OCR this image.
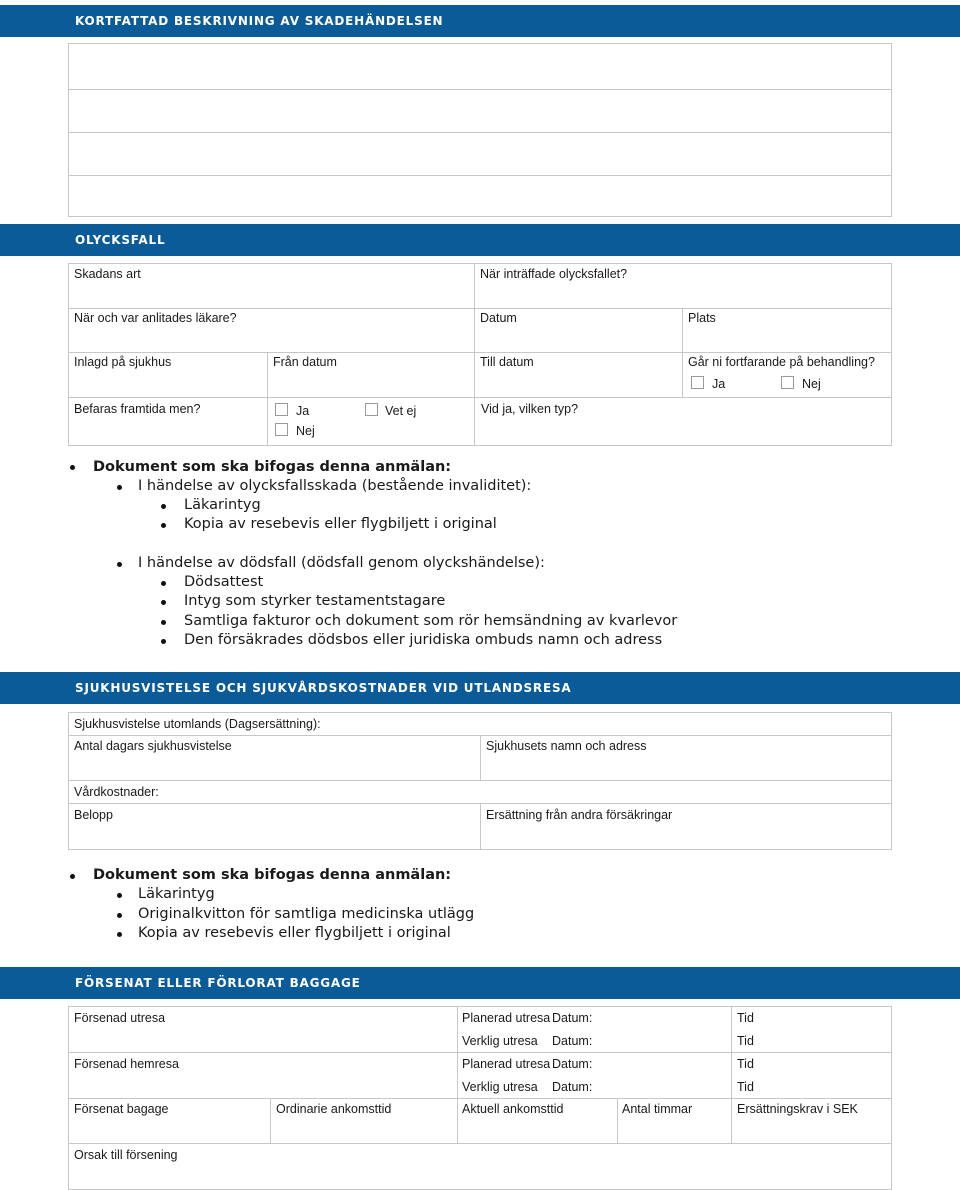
KORTFATTAD BESKRIVNING AV SKADEHÄNDELSEN
OLYCKSFALL
Skadans art	När inträffade olycksfallet?
När och var anlitades läkare?	Datum	Plats
Inlagd på sjukhus	Från datum	Till datum	Går ni fortfarande på behandling?
Ja	Nej
Befaras framtida men?	Ja	Vet ej
Nej
Vid ja, vilken typ?
Dokument som ska bifogas denna anmälan:
I händelse av olycksfallsskada (bestående invaliditet):
Läkarintyg
Kopia av resebevis eller flygbiljett i original
I händelse av dödsfall (dödsfall genom olyckshändelse):
Dödsattest
Intyg som styrker testamentstagare
Samtliga fakturor och dokument som rör hemsändning av kvarlevor
Den försäkrades dödsbos eller juridiska ombuds namn och adress
SJUKHUSVISTELSE OCH SJUKVÅRDSKOSTNADER VID UTLANDSRESA
Sjukhusvistelse utomlands (Dagsersättning):
Antal dagars sjukhusvistelse	Sjukhusets namn och adress
Vårdkostnader:
Belopp	Ersättning från andra försäkringar
Dokument som ska bifogas denna anmälan:
Läkarintyg
Originalkvitton för samtliga medicinska utlägg
Kopia av resebevis eller flygbiljett i original
FÖRSENAT ELLER FÖRLORAT BAGGAGE
Försenad utresa	Planerad utresa Datum:	Tid
Verklig utresa Datum:	Tid
Försenad hemresa	Planerad utresa Datum:	Tid
Verklig utresa Datum:	Tid
Försenat bagage	Ordinarie ankomsttid	Aktuell ankomsttid	Antal timmar	Ersättningskrav i SEK
Orsak till försening
